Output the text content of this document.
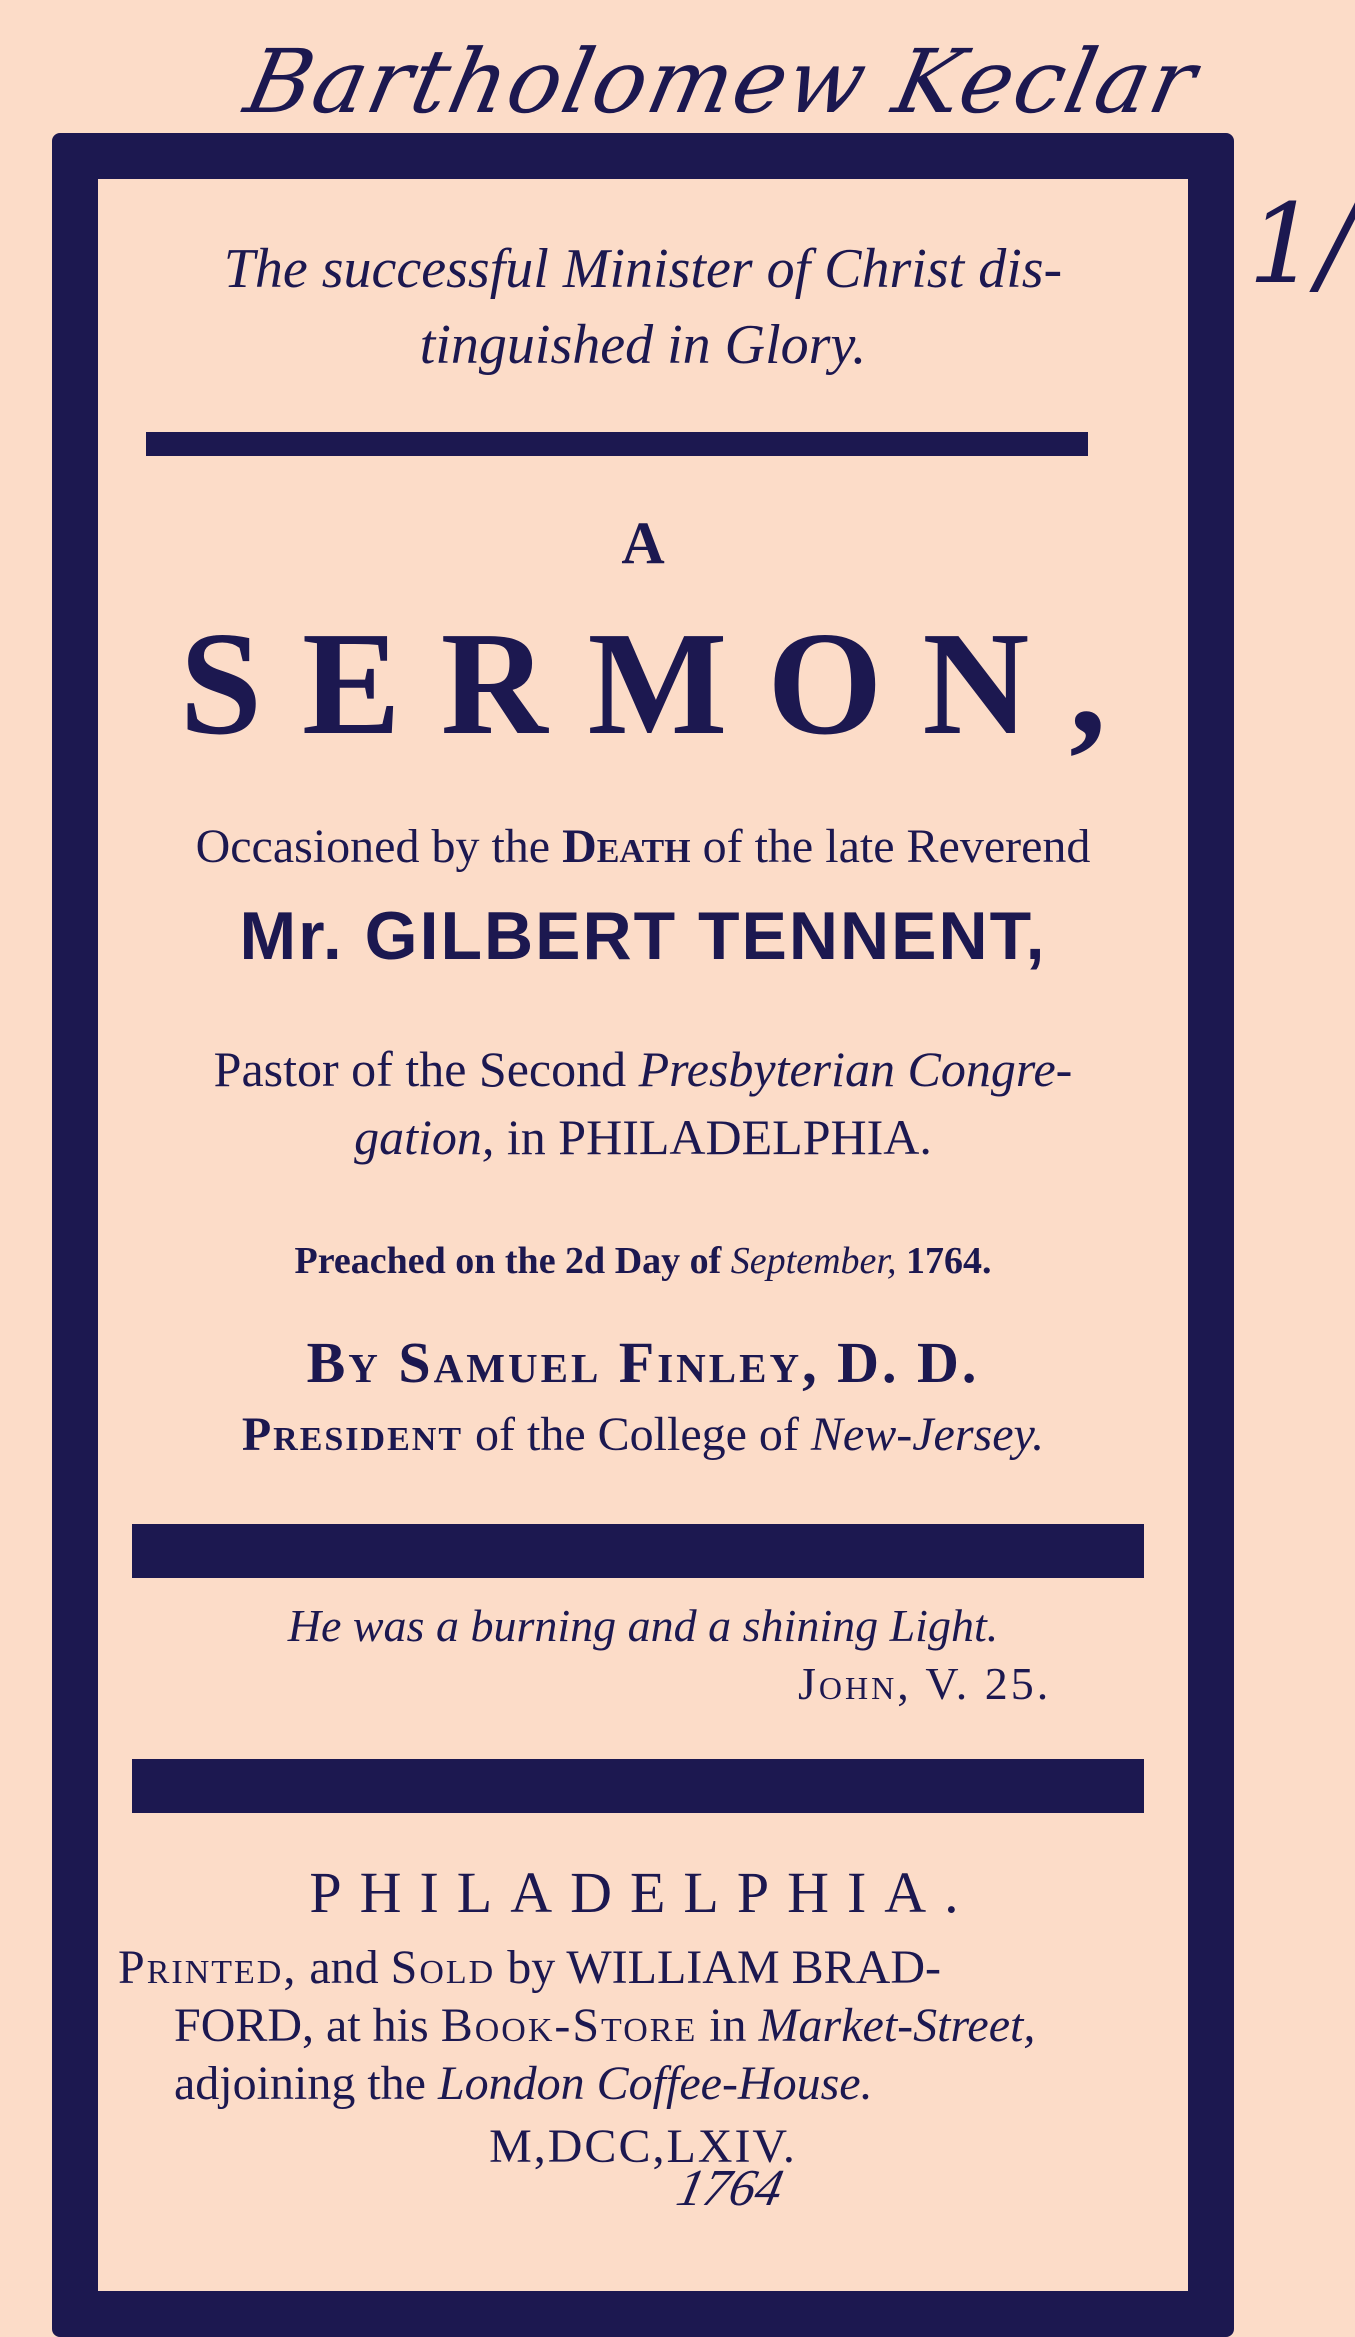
Bartholomew Keclar
1/
The successful Minister of Christ dis-
tinguished in Glory.
A
SERMON,
Occasioned by the Death of the late Reverend
Mr. GILBERT TENNENT,
Pastor of the Second Presbyterian Congre-
gation, in PHILADELPHIA.
Preached on the 2d Day of September, 1764.
By Samuel Finley, D. D.
President of the College of New-Jersey.
He was a burning and a shining Light.
John, V. 25.
PHILADELPHIA.
Printed, and Sold by WILLIAM BRAD-
FORD, at his Book-Store in Market-Street,
adjoining the London Coffee-House.
M,DCC,LXIV.
1764
